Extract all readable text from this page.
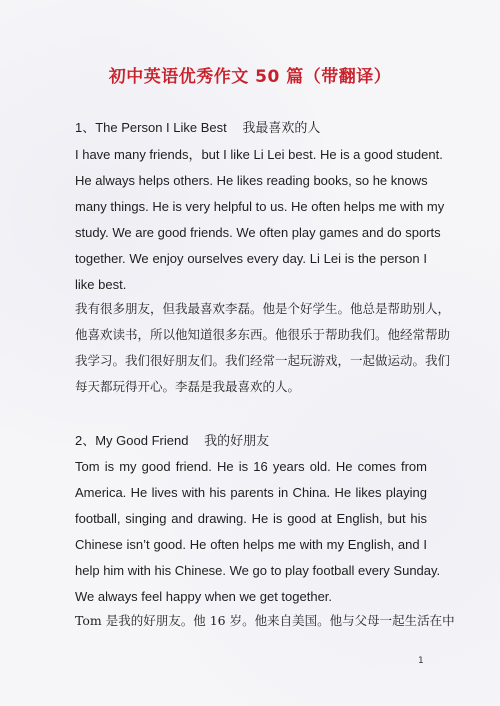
初中英语优秀作文 50 篇（带翻译）
1、The Person I Like Best 我最喜欢的人
I have many friends，but I like Li Lei best. He is a good student.
He always helps others. He likes reading books, so he knows
many things. He is very helpful to us. He often helps me with my
study. We are good friends. We often play games and do sports
together. We enjoy ourselves every day. Li Lei is the person I
like best.
我有很多朋友，但我最喜欢李磊。他是个好学生。他总是帮助别人，
他喜欢读书，所以他知道很多东西。他很乐于帮助我们。他经常帮助
我学习。我们很好朋友们。我们经常一起玩游戏，一起做运动。我们
每天都玩得开心。李磊是我最喜欢的人。
2、My Good Friend 我的好朋友
Tom is my good friend. He is 16 years old. He comes from
America. He lives with his parents in China. He likes playing
football, singing and drawing. He is good at English, but his
Chinese isn’t good. He often helps me with my English, and I
help him with his Chinese. We go to play football every Sunday.
We always feel happy when we get together.
Tom 是我的好朋友。他 16 岁。他来自美国。他与父母一起生活在中
1
